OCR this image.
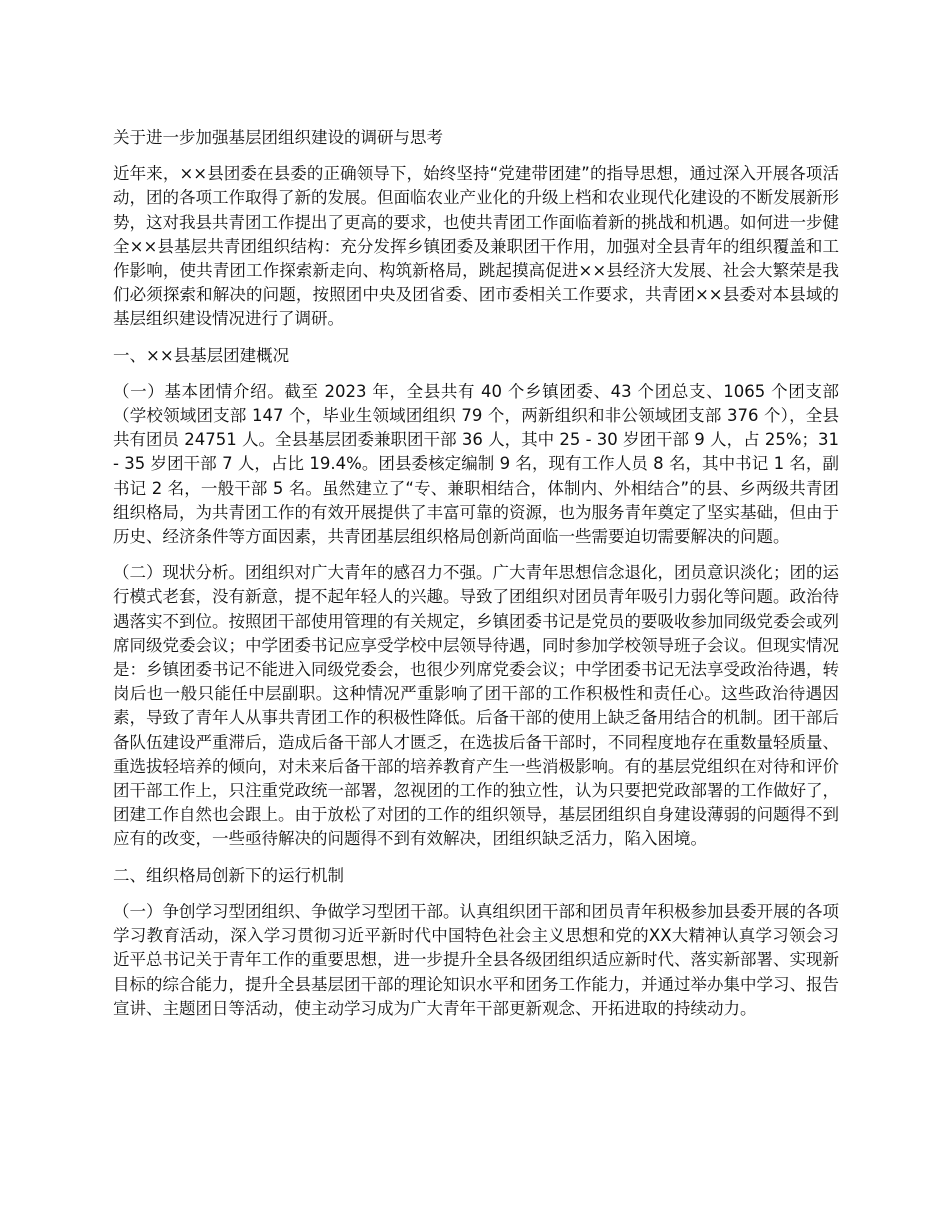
关于进一步加强基层团组织建设的调研与思考

近年来，××县团委在县委的正确领导下，始终坚持“党建带团建”的指导思想，通过深入开展各项活动，团的各项工作取得了新的发展。但面临农业产业化的升级上档和农业现代化建设的不断发展新形势，这对我县共青团工作提出了更高的要求，也使共青团工作面临着新的挑战和机遇。如何进一步健全××县基层共青团组织结构：充分发挥乡镇团委及兼职团干作用，加强对全县青年的组织覆盖和工作影响，使共青团工作探索新走向、构筑新格局，跳起摸高促进××县经济大发展、社会大繁荣是我们必须探索和解决的问题，按照团中央及团省委、团市委相关工作要求，共青团××县委对本县域的基层组织建设情况进行了调研。

一、××县基层团建概况

（一）基本团情介绍。截至 2023 年，全县共有 40 个乡镇团委、43 个团总支、1065 个团支部（学校领域团支部 147 个，毕业生领域团组织 79 个，两新组织和非公领域团支部 376 个），全县共有团员 24751 人。全县基层团委兼职团干部 36 人，其中 25 - 30 岁团干部 9 人，占 25%；31 - 35 岁团干部 7 人，占比 19.4%。团县委核定编制 9 名，现有工作人员 8 名，其中书记 1 名，副书记 2 名，一般干部 5 名。虽然建立了“专、兼职相结合，体制内、外相结合”的县、乡两级共青团组织格局，为共青团工作的有效开展提供了丰富可靠的资源，也为服务青年奠定了坚实基础，但由于历史、经济条件等方面因素，共青团基层组织格局创新尚面临一些需要迫切需要解决的问题。

（二）现状分析。团组织对广大青年的感召力不强。广大青年思想信念退化，团员意识淡化；团的运行模式老套，没有新意，提不起年轻人的兴趣。导致了团组织对团员青年吸引力弱化等问题。政治待遇落实不到位。按照团干部使用管理的有关规定，乡镇团委书记是党员的要吸收参加同级党委会或列席同级党委会议；中学团委书记应享受学校中层领导待遇，同时参加学校领导班子会议。但现实情况是：乡镇团委书记不能进入同级党委会，也很少列席党委会议；中学团委书记无法享受政治待遇，转岗后也一般只能任中层副职。这种情况严重影响了团干部的工作积极性和责任心。这些政治待遇因素，导致了青年人从事共青团工作的积极性降低。后备干部的使用上缺乏备用结合的机制。团干部后备队伍建设严重滞后，造成后备干部人才匮乏，在选拔后备干部时，不同程度地存在重数量轻质量、重选拔轻培养的倾向，对未来后备干部的培养教育产生一些消极影响。有的基层党组织在对待和评价团干部工作上，只注重党政统一部署，忽视团的工作的独立性，认为只要把党政部署的工作做好了，团建工作自然也会跟上。由于放松了对团的工作的组织领导，基层团组织自身建设薄弱的问题得不到应有的改变，一些亟待解决的问题得不到有效解决，团组织缺乏活力，陷入困境。

二、组织格局创新下的运行机制

（一）争创学习型团组织、争做学习型团干部。认真组织团干部和团员青年积极参加县委开展的各项学习教育活动，深入学习贯彻习近平新时代中国特色社会主义思想和党的XX大精神认真学习领会习近平总书记关于青年工作的重要思想，进一步提升全县各级团组织适应新时代、落实新部署、实现新目标的综合能力，提升全县基层团干部的理论知识水平和团务工作能力，并通过举办集中学习、报告宣讲、主题团日等活动，使主动学习成为广大青年干部更新观念、开拓进取的持续动力。
